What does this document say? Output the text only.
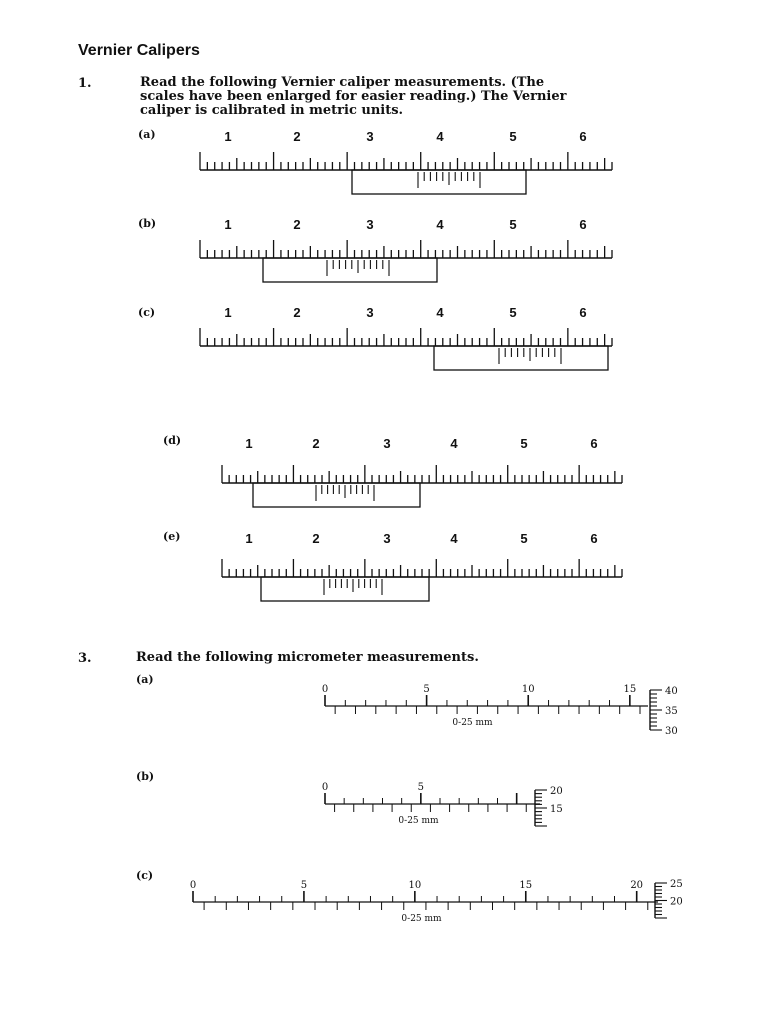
Vernier Calipers
1.	Read the following Vernier caliper measurements. (The
scales have been enlarged for easier reading.) The Vernier
caliper is calibrated in metric units.
(a)
(b)
(c)
(d)
(e)
3.	Read the following micrometer measurements.
(a)
(b)
(c)
1	2	3	4	5	6
1	2	3	4	5	6
1	2	3	4	5	6
1	2	3	4	5	6
1	2	3	4	5	6
0	5	10	15
0-25 mm
40
35
30
0	5
0-25 mm
20
15
0	5	10	15	20
0-25 mm
25
20
